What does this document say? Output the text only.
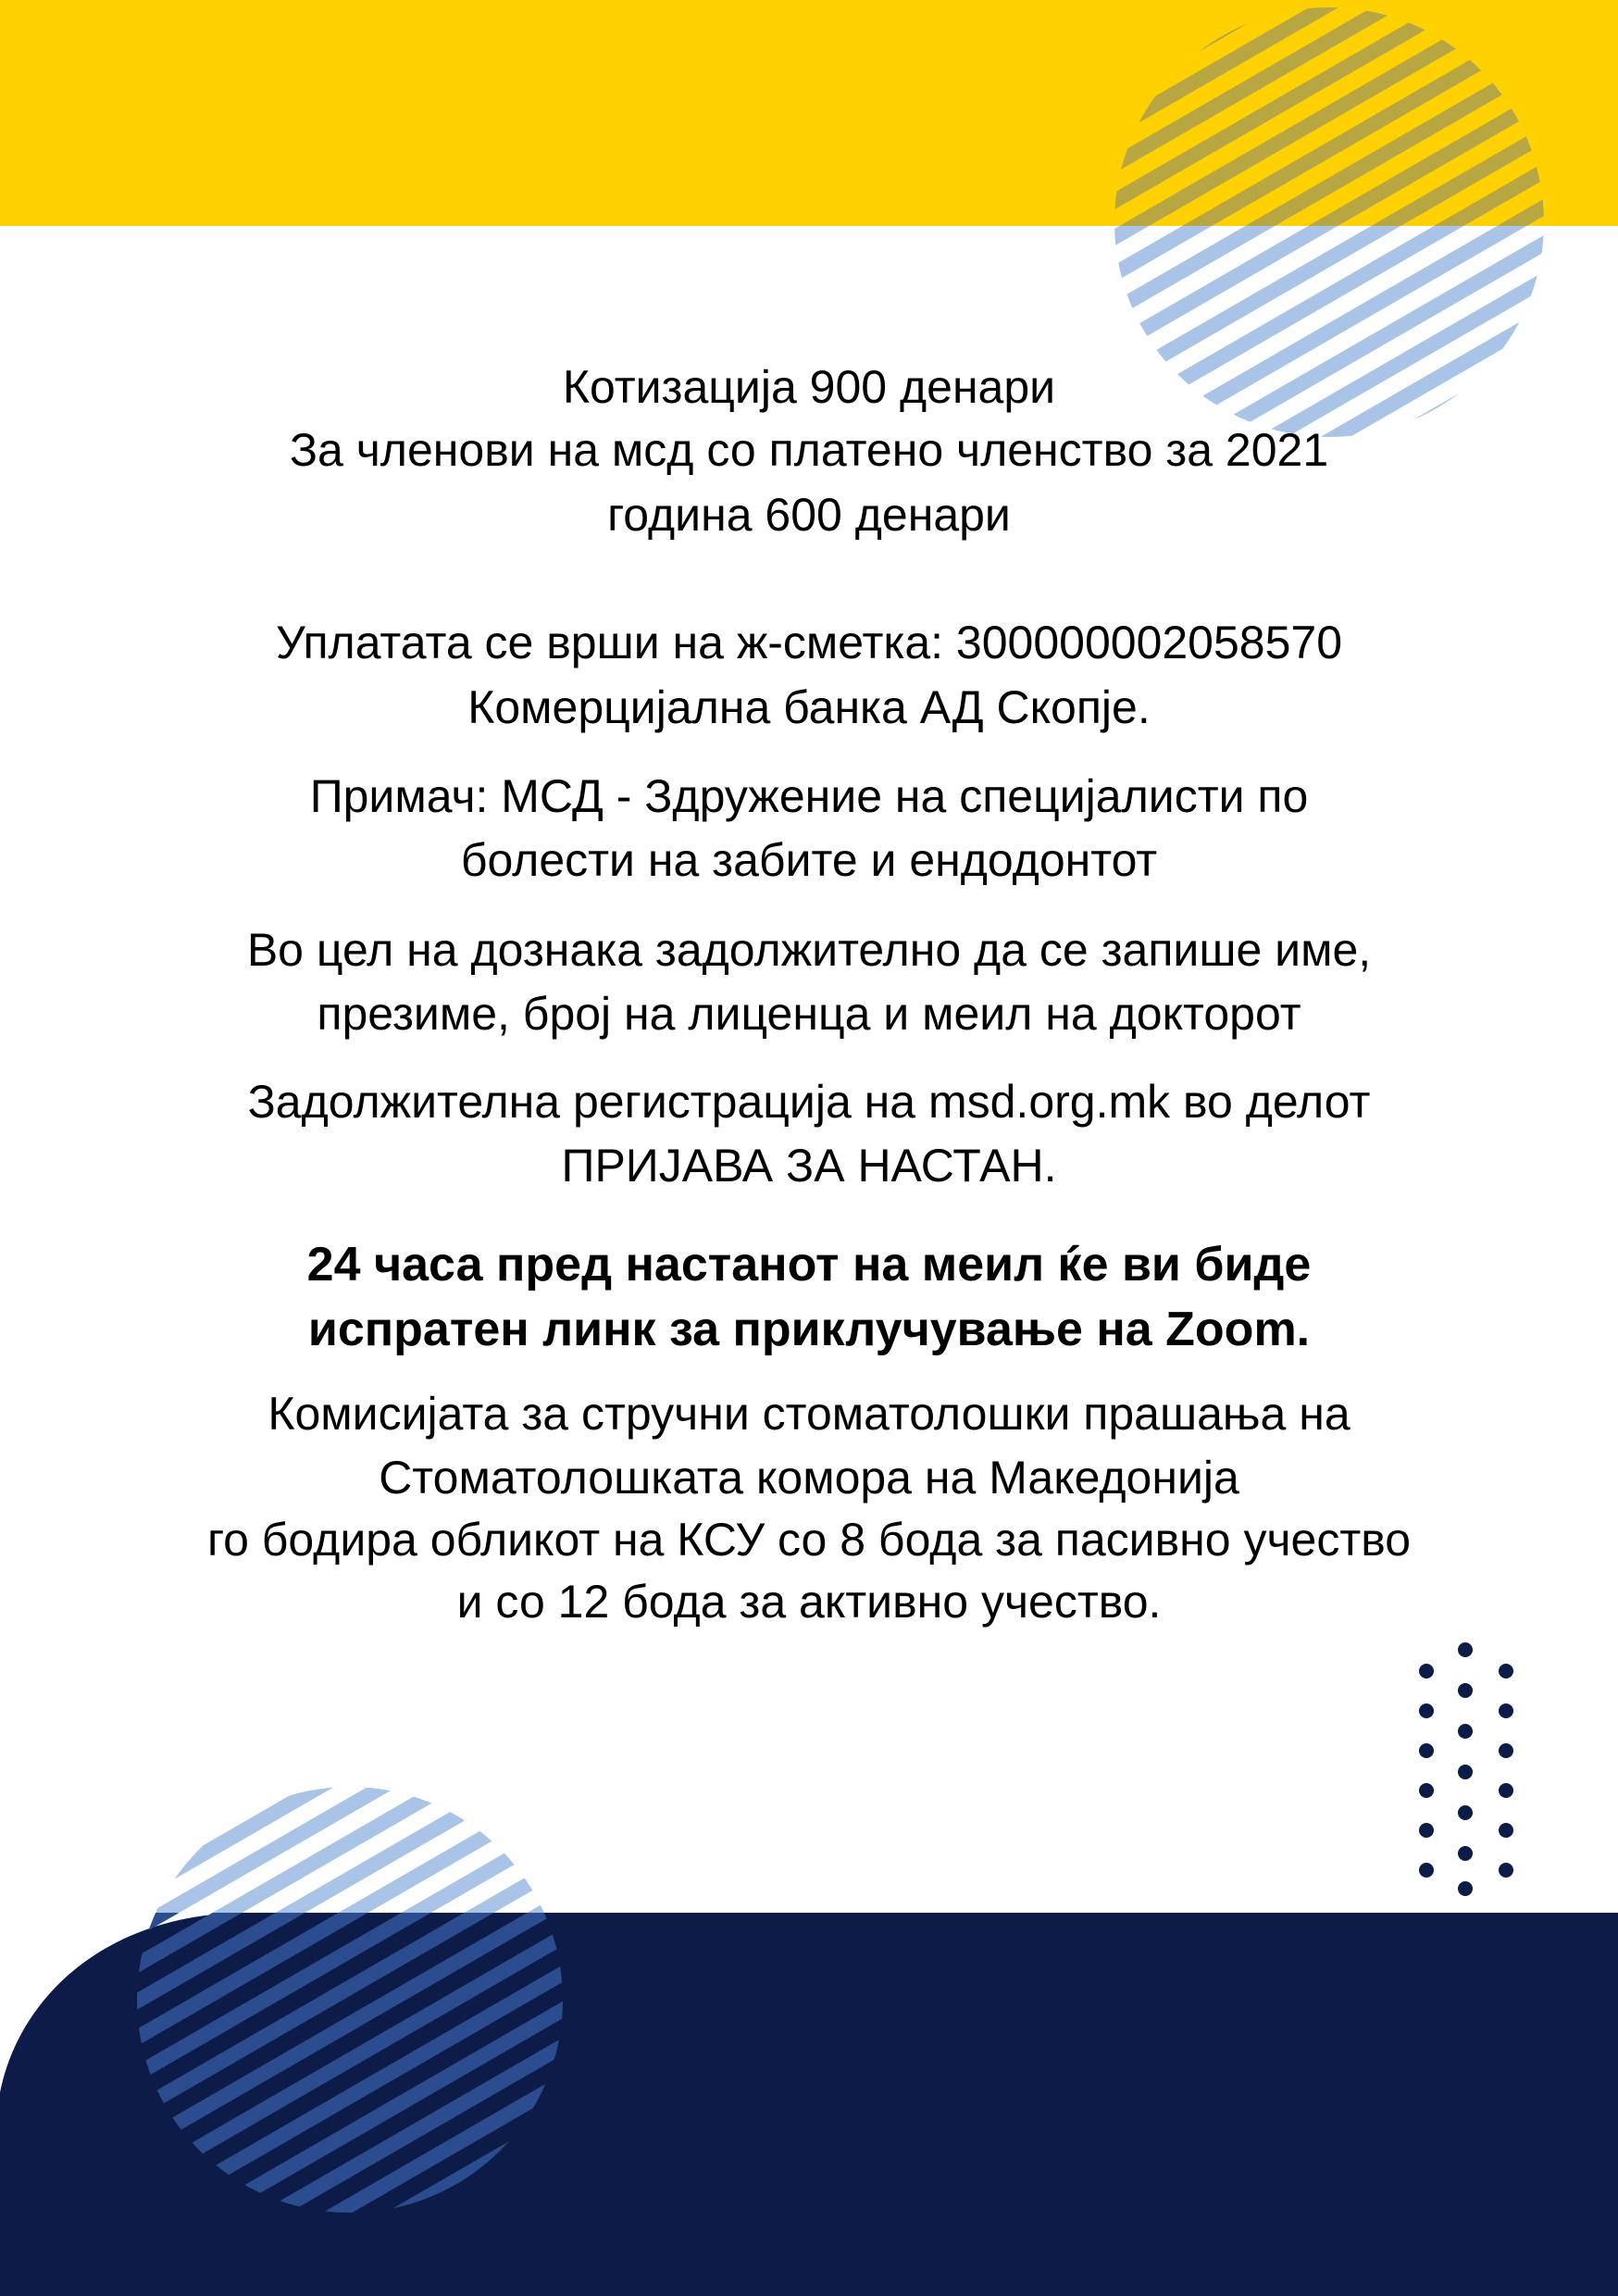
Котизација 900 денари
За членови на мсд со платено членство за 2021
година 600 денари
Уплатата се врши на ж-сметка: 300000002058570
Комерцијална банка АД Скопје.
Примач: МСД - Здружение на специјалисти по
болести на забите и ендодонтот
Во цел на дознака задолжително да се запише име,
презиме, број на лиценца и меил на докторот
Задолжителна регистрација на msd.org.mk во делот
ПРИЈАВА ЗА НАСТАН.
24 часа пред настанот на меил ќе ви биде
испратен линк за приклучување на Zoom.
Комисијата за стручни стоматолошки прашања на
Стоматолошката комора на Македонија
го бодира обликот на КСУ со 8 бода за пасивно учество
и со 12 бода за активно учество.
